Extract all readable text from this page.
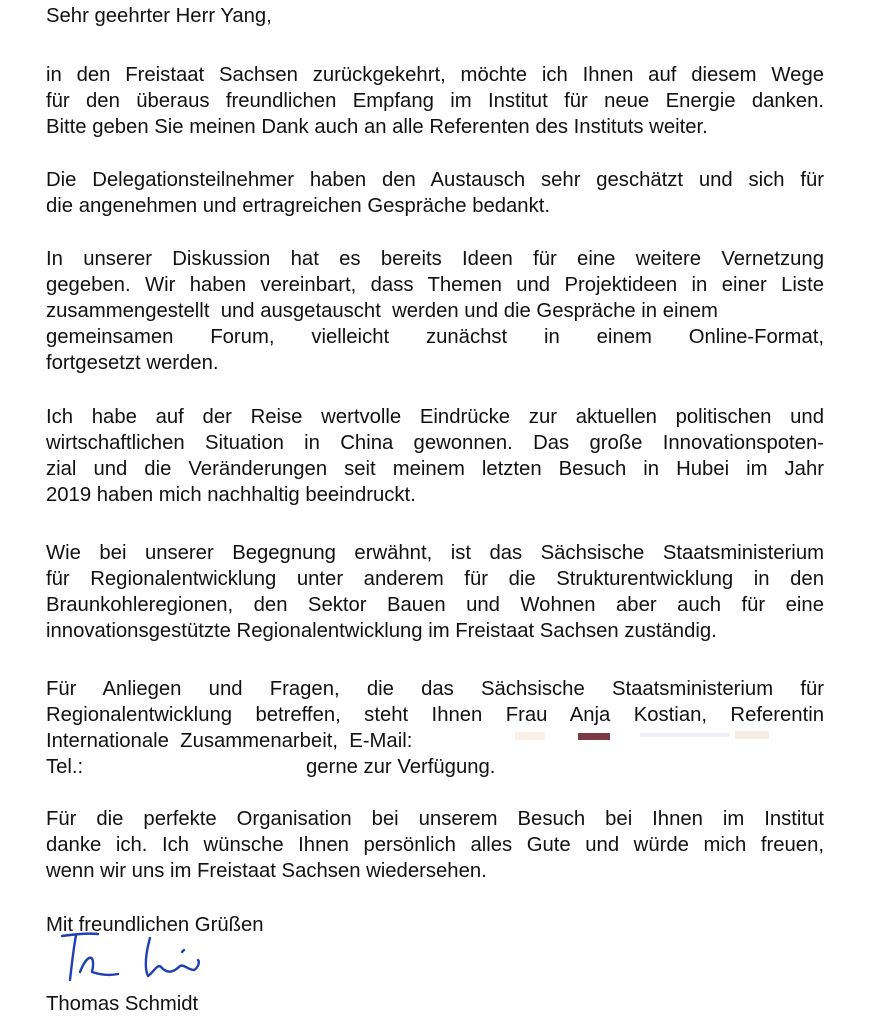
Sehr geehrter Herr Yang,
in den Freistaat Sachsen zurückgekehrt, möchte ich Ihnen auf diesem Wege
für den überaus freundlichen Empfang im Institut für neue Energie danken.
Bitte geben Sie meinen Dank auch an alle Referenten des Instituts weiter.
Die Delegationsteilnehmer haben den Austausch sehr geschätzt und sich für
die angenehmen und ertragreichen Gespräche bedankt.
In unserer Diskussion hat es bereits Ideen für eine weitere Vernetzung
gegeben. Wir haben vereinbart, dass Themen und Projektideen in einer Liste
zusammengestellt  und ausgetauscht  werden und die Gespräche in einem
gemeinsamen Forum, vielleicht zunächst in einem Online-Format,
fortgesetzt werden.
Ich habe auf der Reise wertvolle Eindrücke zur aktuellen politischen und
wirtschaftlichen Situation in China gewonnen. Das große Innovationspoten-
zial und die Veränderungen seit meinem letzten Besuch in Hubei im Jahr
2019 haben mich nachhaltig beeindruckt.
Wie bei unserer Begegnung erwähnt, ist das Sächsische Staatsministerium
für Regionalentwicklung unter anderem für die Strukturentwicklung in den
Braunkohleregionen, den Sektor Bauen und Wohnen aber auch für eine
innovationsgestützte Regionalentwicklung im Freistaat Sachsen zuständig.
Für Anliegen und Fragen, die das Sächsische Staatsministerium für
Regionalentwicklung betreffen, steht Ihnen Frau Anja Kostian, Referentin
Internationale  Zusammenarbeit,  E-Mail:
Tel.:	gerne zur Verfügung.
Für die perfekte Organisation bei unserem Besuch bei Ihnen im Institut
danke ich. Ich wünsche Ihnen persönlich alles Gute und würde mich freuen,
wenn wir uns im Freistaat Sachsen wiedersehen.
Mit freundlichen Grüßen
Thomas Schmidt
